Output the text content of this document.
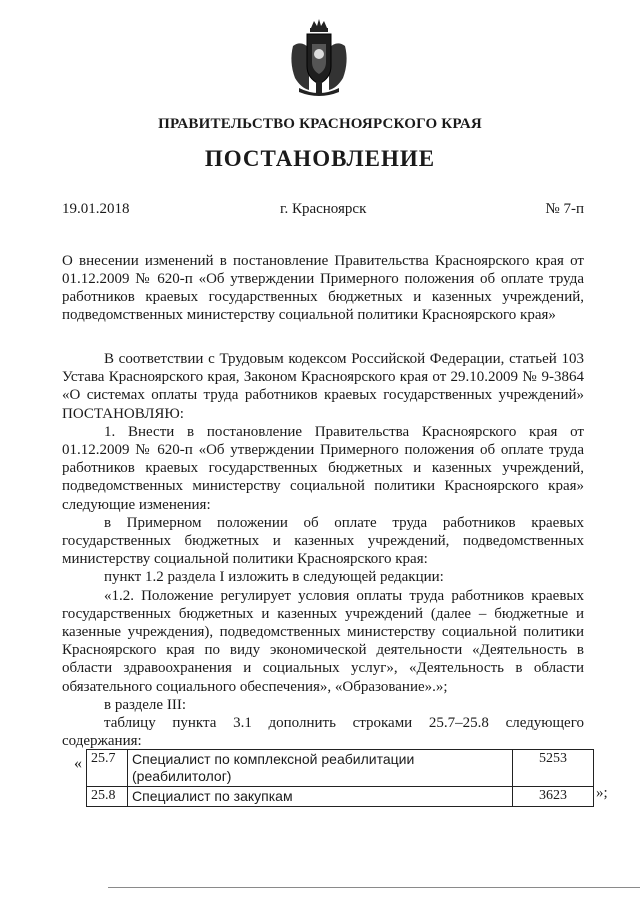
ПРАВИТЕЛЬСТВО КРАСНОЯРСКОГО КРАЯ
ПОСТАНОВЛЕНИЕ
19.01.2018	г. Красноярск	№ 7-п
О внесении изменений в постановление Правительства Красноярского края от 01.12.2009 № 620-п «Об утверждении Примерного положения об оплате труда работников краевых государственных бюджетных и казенных учреждений, подведомственных министерству социальной политики Красноярского края»

В соответствии с Трудовым кодексом Российской Федерации, статьей 103 Устава Красноярского края, Законом Красноярского края от 29.10.2009 № 9-3864 «О системах оплаты труда работников краевых государственных учреждений» ПОСТАНОВЛЯЮ:

1. Внести в постановление Правительства Красноярского края от 01.12.2009 № 620-п «Об утверждении Примерного положения об оплате труда работников краевых государственных бюджетных и казенных учреждений, подведомственных министерству социальной политики Красноярского края» следующие изменения:

в Примерном положении об оплате труда работников краевых государственных бюджетных и казенных учреждений, подведомственных министерству социальной политики Красноярского края:

пункт 1.2 раздела I изложить в следующей редакции:

«1.2. Положение регулирует условия оплаты труда работников краевых государственных бюджетных и казенных учреждений (далее – бюджетные и казенные учреждения), подведомственных министерству социальной политики Красноярского края по виду экономической деятельности «Деятельность в области здравоохранения и социальных услуг», «Деятельность в области обязательного социального обеспечения», «Образование».»;

в разделе III:

таблицу пункта 3.1 дополнить строками 25.7–25.8 следующего содержания:

« 25.7	Специалист по комплексной реабилитации (реабилитолог)	5253
25.8	Специалист по закупкам	3623 »;
